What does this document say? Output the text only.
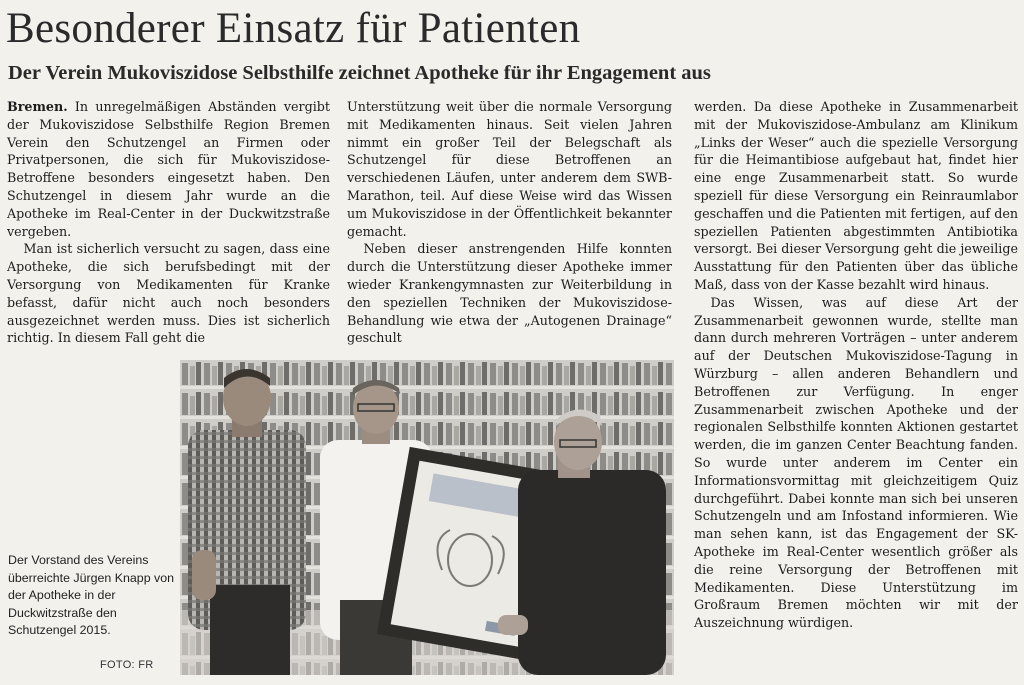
Besonderer Einsatz für Patienten
Der Verein Mukoviszidose Selbsthilfe zeichnet Apotheke für ihr Engagement aus

Bremen. In unregelmäßigen Abständen vergibt der Mukoviszidose Selbsthilfe Region Bremen Verein den Schutzengel an Firmen oder Privatpersonen, die sich für Mukoviszidose-Betroffene besonders eingesetzt haben. Den Schutzengel in diesem Jahr wurde an die Apotheke im Real-Center in der Duckwitzstraße vergeben.

Man ist sicherlich versucht zu sagen, dass eine Apotheke, die sich berufsbedingt mit der Versorgung von Medikamenten für Kranke befasst, dafür nicht auch noch besonders ausgezeichnet werden muss. Dies ist sicherlich richtig. In diesem Fall geht die

Unterstützung weit über die normale Versorgung mit Medikamenten hinaus. Seit vielen Jahren nimmt ein großer Teil der Belegschaft als Schutzengel für diese Betroffenen an verschiedenen Läufen, unter anderem dem SWB-Marathon, teil. Auf diese Weise wird das Wissen um Mukoviszidose in der Öffentlichkeit bekannter gemacht.

Neben dieser anstrengenden Hilfe konnten durch die Unterstützung dieser Apotheke immer wieder Krankengymnasten zur Weiterbildung in den speziellen Techniken der Mukoviszidose-Behandlung wie etwa der „Autogenen Drainage“ geschult

werden. Da diese Apotheke in Zusammenarbeit mit der Mukoviszidose-Ambulanz am Klinikum „Links der Weser“ auch die spezielle Versorgung für die Heimantibiose aufgebaut hat, findet hier eine enge Zusammenarbeit statt. So wurde speziell für diese Versorgung ein Reinraumlabor geschaffen und die Patienten mit fertigen, auf den speziellen Patienten abgestimmten Antibiotika versorgt. Bei dieser Versorgung geht die jeweilige Ausstattung für den Patienten über das übliche Maß, dass von der Kasse bezahlt wird hinaus.

Das Wissen, was auf diese Art der Zusammenarbeit gewonnen wurde, stellte man dann durch mehreren Vorträgen – unter anderem auf der Deutschen Mukoviszidose-Tagung in Würzburg – allen anderen Behandlern und Betroffenen zur Verfügung. In enger Zusammenarbeit zwischen Apotheke und der regionalen Selbsthilfe konnten Aktionen gestartet werden, die im ganzen Center Beachtung fanden. So wurde unter anderem im Center ein Informationsvormittag mit gleichzeitigem Quiz durchgeführt. Dabei konnte man sich bei unseren Schutzengeln und am Infostand informieren. Wie man sehen kann, ist das Engagement der SK-Apotheke im Real-Center wesentlich größer als die reine Versorgung der Betroffenen mit Medikamenten. Diese Unterstützung im Großraum Bremen möchten wir mit der Auszeichnung würdigen.

Der Vorstand des Vereins überreichte Jürgen Knapp von der Apotheke in der Duckwitzstraße den Schutzengel 2015.
FOTO: FR
